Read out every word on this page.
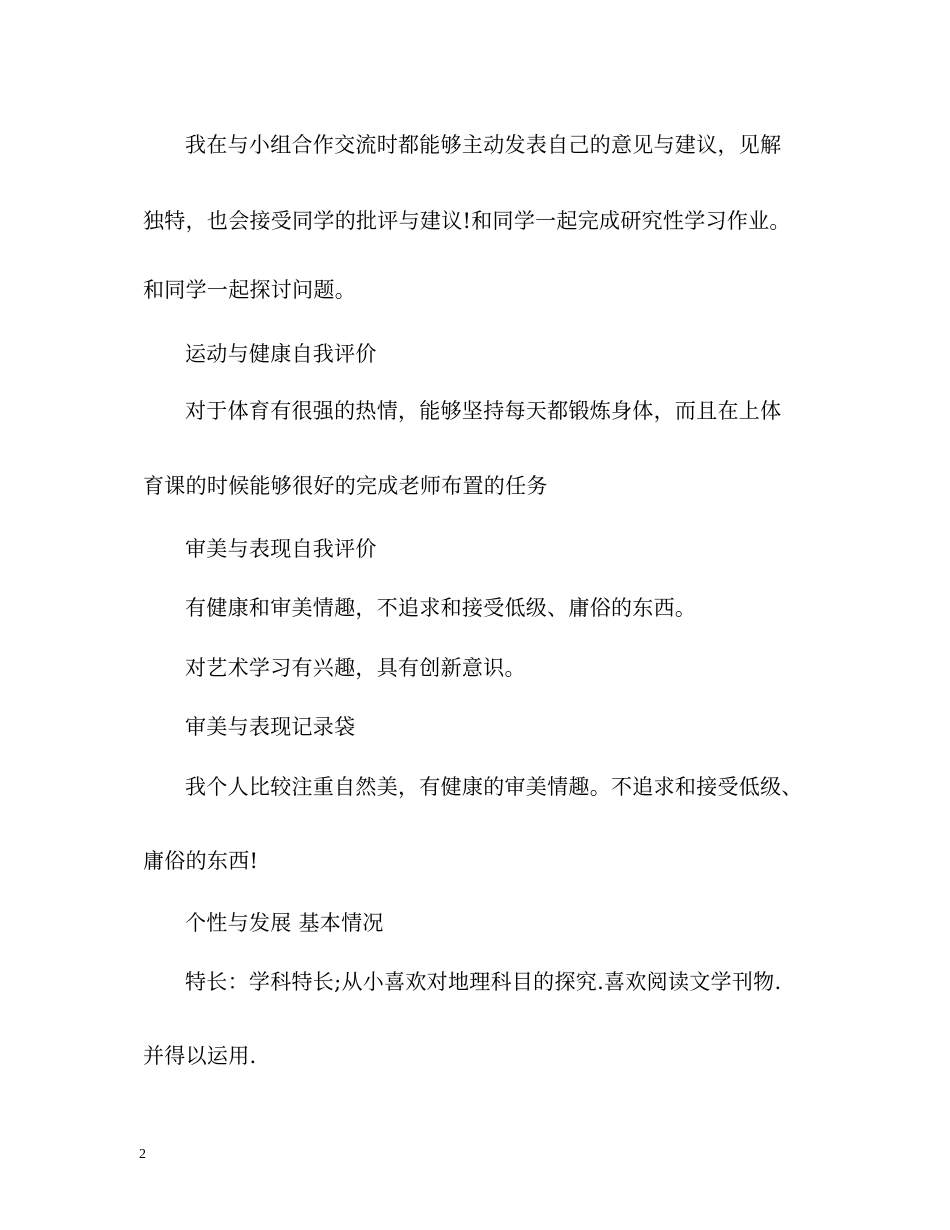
我在与小组合作交流时都能够主动发表自己的意见与建议，见解
独特，也会接受同学的批评与建议!和同学一起完成研究性学习作业。
和同学一起探讨问题。
运动与健康自我评价
对于体育有很强的热情，能够坚持每天都锻炼身体，而且在上体
育课的时候能够很好的完成老师布置的任务
审美与表现自我评价
有健康和审美情趣，不追求和接受低级、庸俗的东西。
对艺术学习有兴趣，具有创新意识。
审美与表现记录袋
我个人比较注重自然美，有健康的审美情趣。不追求和接受低级、
庸俗的东西!
个性与发展 基本情况
特长：学科特长;从小喜欢对地理科目的探究.喜欢阅读文学刊物.
并得以运用.
2
